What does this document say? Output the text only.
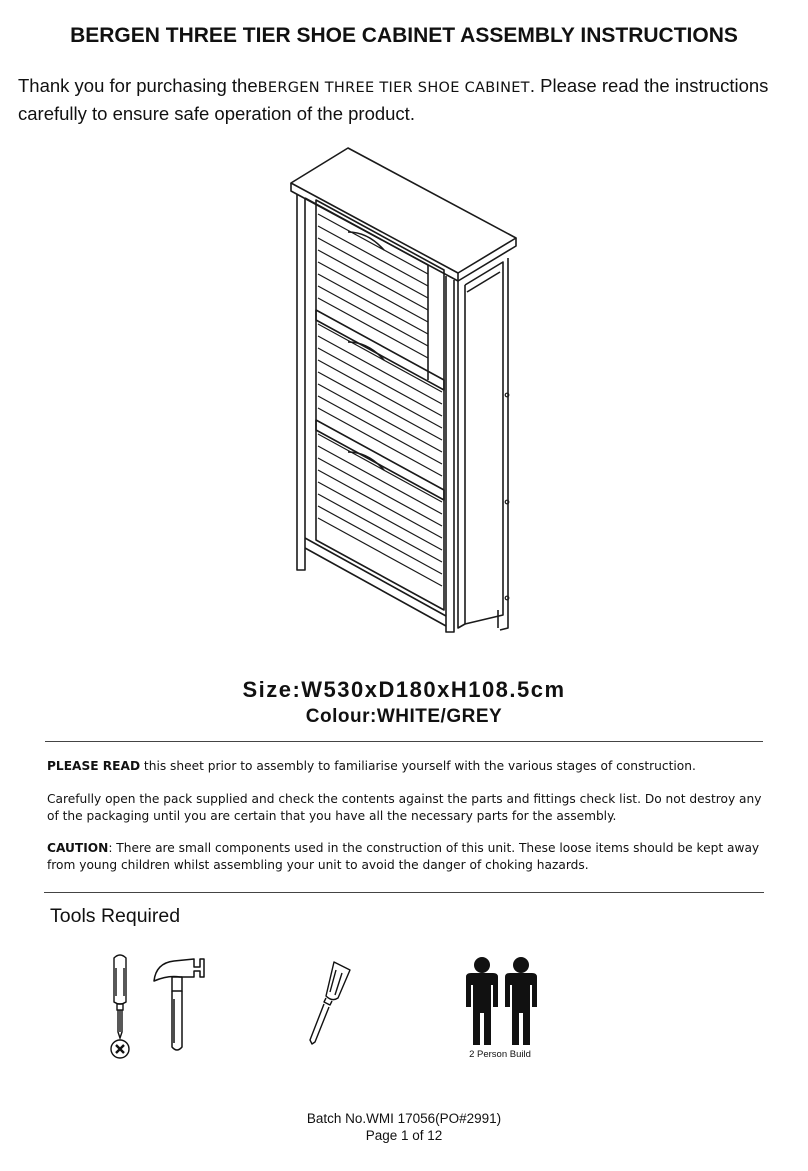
BERGEN THREE TIER SHOE CABINET ASSEMBLY INSTRUCTIONS
Thank you for purchasing theBERGEN THREE TIER SHOE CABINET. Please read the instructions carefully to ensure safe operation of the product.
Size:W530xD180xH108.5cm
Colour:WHITE/GREY
PLEASE READ this sheet prior to assembly to familiarise yourself with the various stages of construction.
Carefully open the pack supplied and check the contents against the parts and fittings check list. Do not destroy any of the packaging until you are certain that you have all the necessary parts for the assembly.
CAUTION: There are small components used in the construction of this unit. These loose items should be kept away from young children whilst assembling your unit to avoid the danger of choking hazards.
Tools Required
2 Person Build
Batch No.WMI 17056(PO#2991)
Page 1 of 12
